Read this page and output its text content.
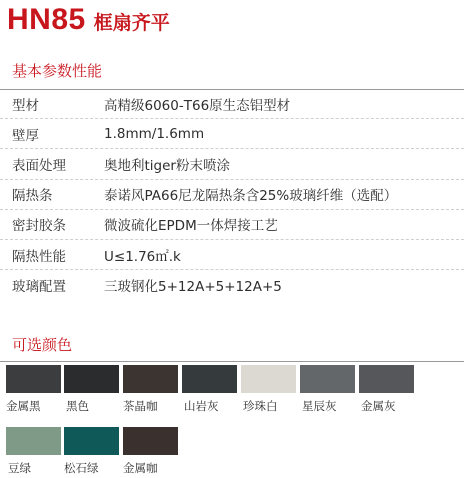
HN85 框扇齐平
基本参数性能
型材	高精级6060-T66原生态铝型材
壁厚	1.8mm/1.6mm
表面处理	奥地利tiger粉末喷涂
隔热条	泰诺风PA66尼龙隔热条含25%玻璃纤维（选配）
密封胶条	微波硫化EPDM一体焊接工艺
隔热性能	U≤1.76㎡.k
玻璃配置	三玻钢化5+12A+5+12A+5
可选颜色
金属黑 黑色	茶晶咖 山岩灰 珍珠白 星辰灰 金属灰
豆绿	松石绿 金属咖
